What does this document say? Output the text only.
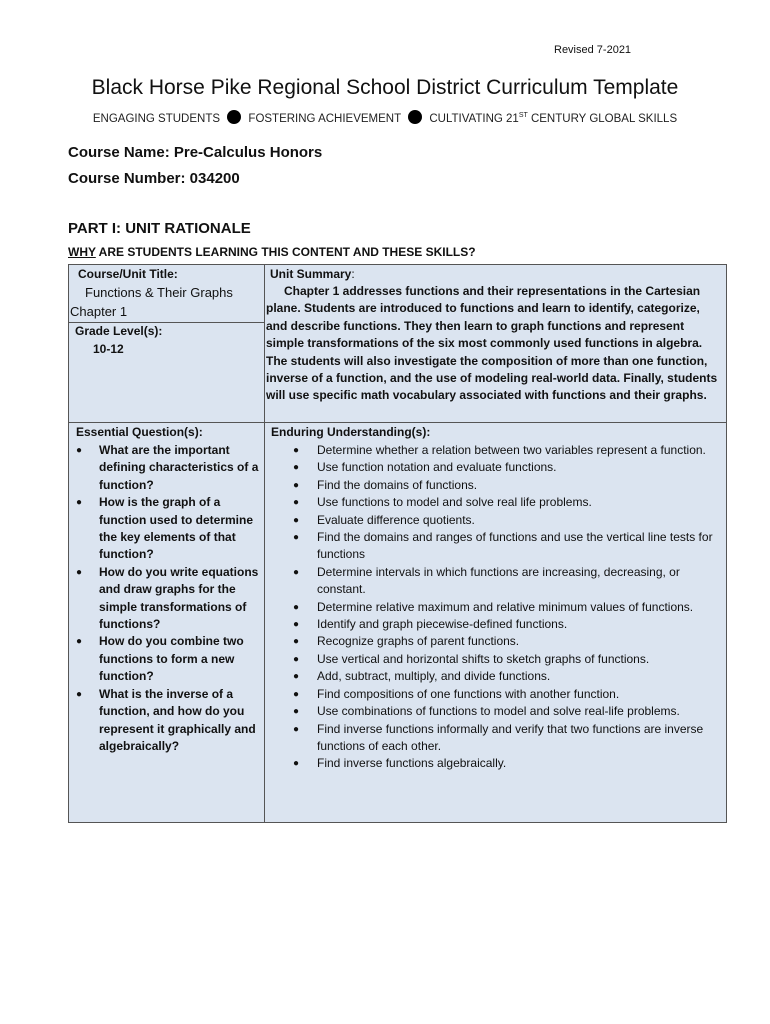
Revised 7-2021
Black Horse Pike Regional School District Curriculum Template
ENGAGING STUDENTS FOSTERING ACHIEVEMENT CULTIVATING 21ST CENTURY GLOBAL SKILLS
Course Name: Pre-Calculus Honors
Course Number: 034200
PART I: UNIT RATIONALE
WHY ARE STUDENTS LEARNING THIS CONTENT AND THESE SKILLS?
Course/Unit Title:
Functions & Their Graphs
Chapter 1
Grade Level(s):
10-12
Unit Summary:
Chapter 1 addresses functions and their representations in the Cartesian plane. Students are introduced to functions and learn to identify, categorize, and describe functions. They then learn to graph functions and represent simple transformations of the six most commonly used functions in algebra. The students will also investigate the composition of more than one function, inverse of a function, and the use of modeling real-world data. Finally, students will use specific math vocabulary associated with functions and their graphs.
Essential Question(s):
● What are the important defining characteristics of a function?
● How is the graph of a function used to determine the key elements of that function?
● How do you write equations and draw graphs for the simple transformations of functions?
● How do you combine two functions to form a new function?
● What is the inverse of a function, and how do you represent it graphically and algebraically?
Enduring Understanding(s):
● Determine whether a relation between two variables represent a function.
● Use function notation and evaluate functions.
● Find the domains of functions.
● Use functions to model and solve real life problems.
● Evaluate difference quotients.
● Find the domains and ranges of functions and use the vertical line tests for functions
● Determine intervals in which functions are increasing, decreasing, or constant.
● Determine relative maximum and relative minimum values of functions.
● Identify and graph piecewise-defined functions.
● Recognize graphs of parent functions.
● Use vertical and horizontal shifts to sketch graphs of functions.
● Add, subtract, multiply, and divide functions.
● Find compositions of one functions with another function.
● Use combinations of functions to model and solve real-life problems.
● Find inverse functions informally and verify that two functions are inverse functions of each other.
● Find inverse functions algebraically.
